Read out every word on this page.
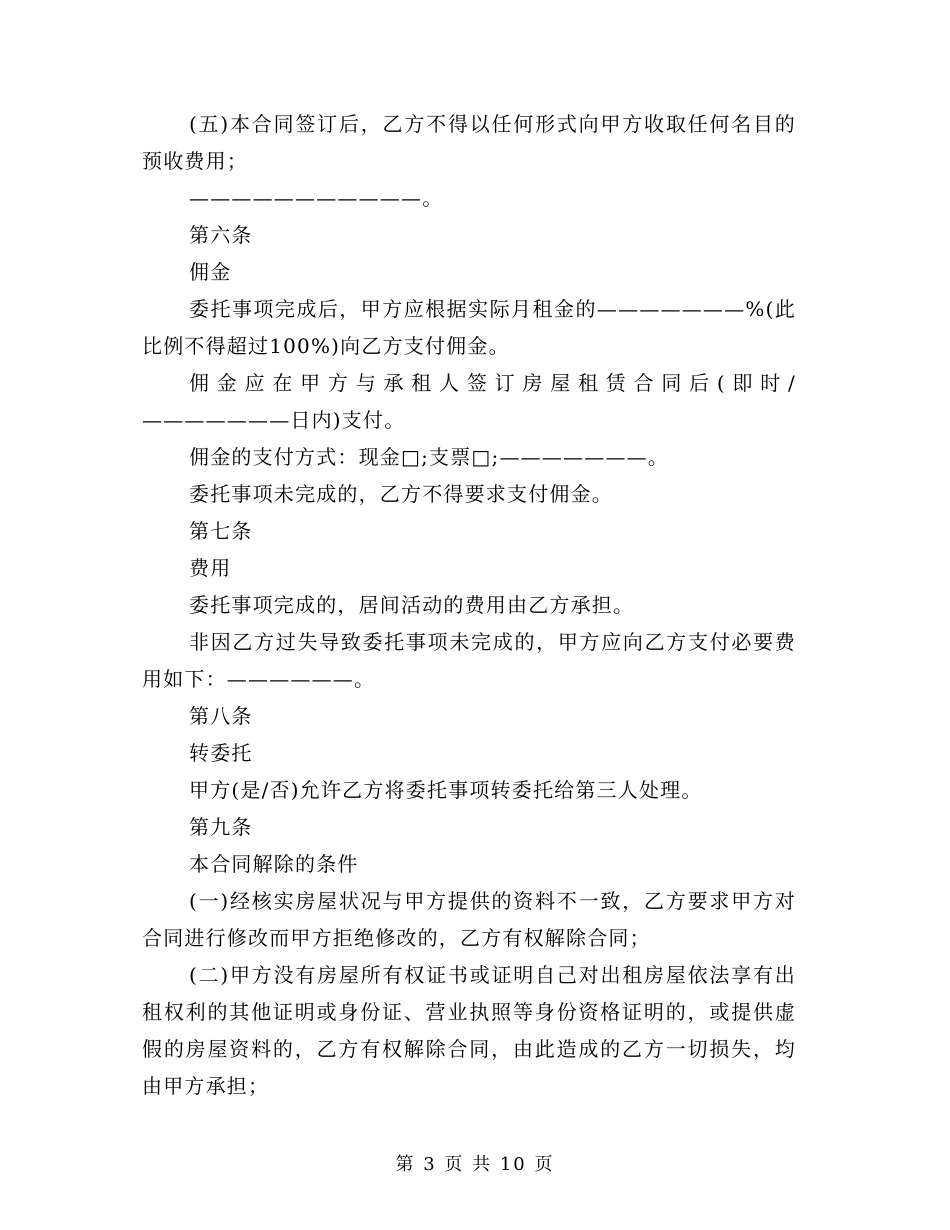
(五)本合同签订后，乙方不得以任何形式向甲方收取任何名目的预收费用；

———————————。

第六条

佣金

委托事项完成后，甲方应根据实际月租金的———————%(此比例不得超过100%)向乙方支付佣金。

佣金应在甲方与承租人签订房屋租赁合同后(即时/———————日内)支付。

佣金的支付方式：现金□;支票□;———————。

委托事项未完成的，乙方不得要求支付佣金。

第七条

费用

委托事项完成的，居间活动的费用由乙方承担。

非因乙方过失导致委托事项未完成的，甲方应向乙方支付必要费用如下：——————。

第八条

转委托

甲方(是/否)允许乙方将委托事项转委托给第三人处理。

第九条

本合同解除的条件

(一)经核实房屋状况与甲方提供的资料不一致，乙方要求甲方对合同进行修改而甲方拒绝修改的，乙方有权解除合同；

(二)甲方没有房屋所有权证书或证明自己对出租房屋依法享有出租权利的其他证明或身份证、营业执照等身份资格证明的，或提供虚假的房屋资料的，乙方有权解除合同，由此造成的乙方一切损失，均由甲方承担；

第 3 页 共 10 页
